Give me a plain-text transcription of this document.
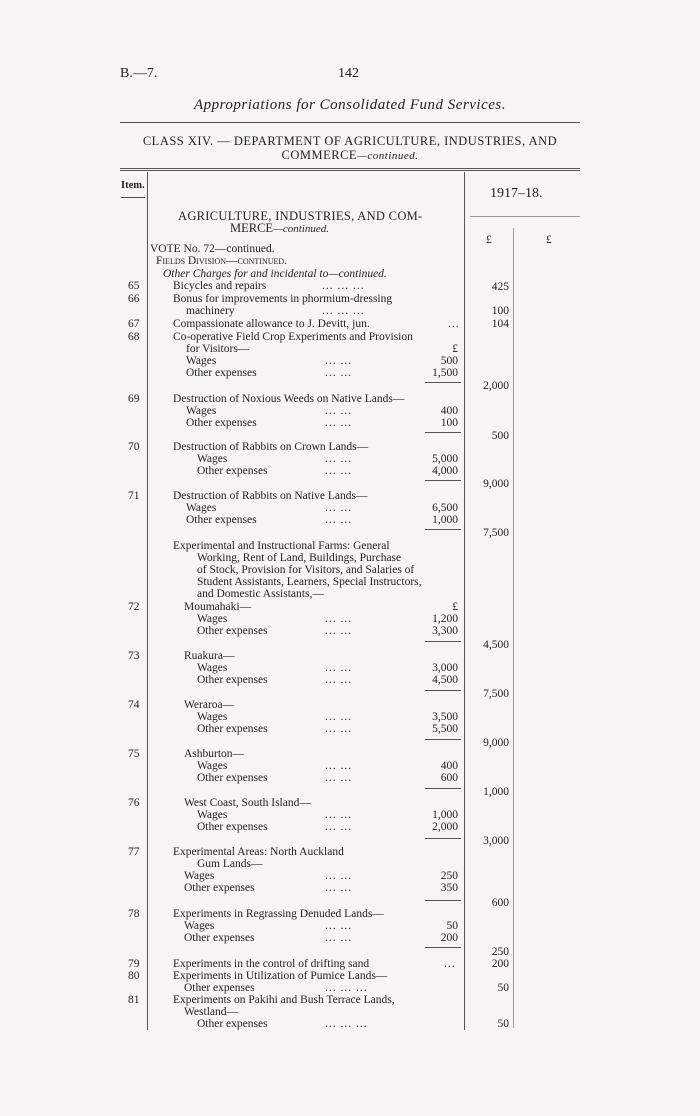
B.—7.	142
Appropriations for Consolidated Fund Services.
CLASS XIV. — DEPARTMENT OF AGRICULTURE, INDUSTRIES, AND
COMMERCE—continued.
Item.
1917–18.
£	£
AGRICULTURE, INDUSTRIES, AND COM-
MERCE—continued.
VOTE No. 72—continued.
Fields Division—continued.
Other Charges for and incidental to—continued.
65	Bicycles and repairs	... ... ...	425
66	Bonus for improvements in phormium-dressing
machinery	... ... ...	100
67	Compassionate allowance to J. Devitt, jun.	...	104
68	Co-operative Field Crop Experiments and Provision
for Visitors—	£
Wages	... ...	500
Other expenses	... ...	1,500
2,000
69	Destruction of Noxious Weeds on Native Lands—
Wages	... ...	400
Other expenses	... ...	100
500
70	Destruction of Rabbits on Crown Lands—
Wages	... ...	5,000
Other expenses	... ...	4,000
9,000
71	Destruction of Rabbits on Native Lands—
Wages	... ...	6,500
Other expenses	... ...	1,000
7,500
Experimental and Instructional Farms: General
Working, Rent of Land, Buildings, Purchase
of Stock, Provision for Visitors, and Salaries of
Student Assistants, Learners, Special Instructors,
and Domestic Assistants,—
72	Moumahaki—	£
Wages	... ...	1,200
Other expenses	... ...	3,300
4,500
73	Ruakura—
Wages	... ...	3,000
Other expenses	... ...	4,500
7,500
74	Weraroa—
Wages	... ...	3,500
Other expenses	... ...	5,500
9,000
75	Ashburton—
Wages	... ...	400
Other expenses	... ...	600
1,000
76	West Coast, South Island—
Wages	... ...	1,000
Other expenses	... ...	2,000
3,000
77	Experimental Areas: North Auckland
Gum Lands—
Wages	... ...	250
Other expenses	... ...	350
600
78	Experiments in Regrassing Denuded Lands—
Wages	... ...	50
Other expenses	... ...	200
250
79	Experiments in the control of drifting sand	...	200
80	Experiments in Utilization of Pumice Lands—
Other expenses	... ... ...	50
81	Experiments on Pakihi and Bush Terrace Lands,
Westland—
Other expenses	... ... ...	50
